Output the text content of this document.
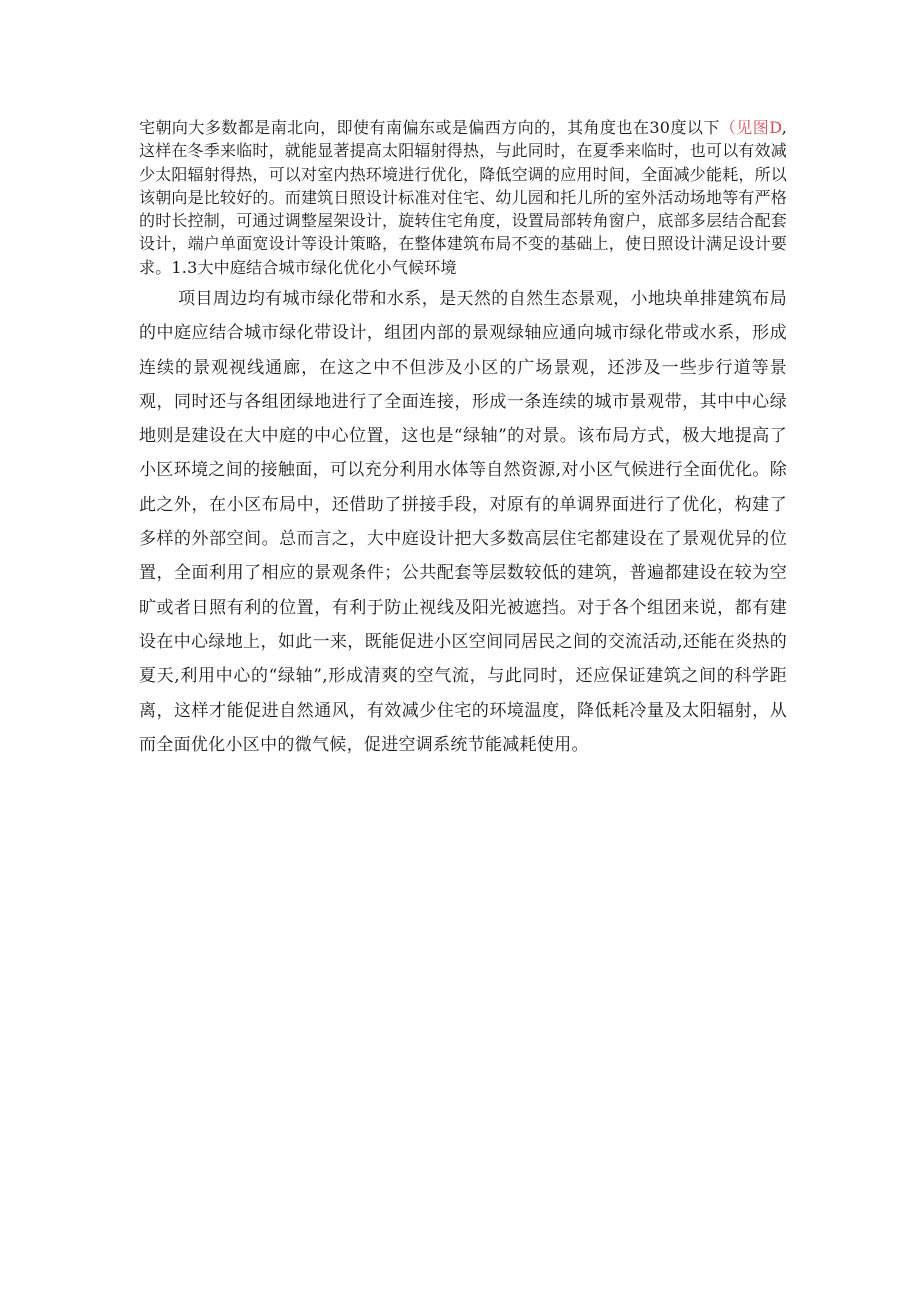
宅朝向大多数都是南北向，即使有南偏东或是偏西方向的，其角度也在30度以下（见图D,这样在冬季来临时，就能显著提高太阳辐射得热，与此同时，在夏季来临时，也可以有效减少太阳辐射得热，可以对室内热环境进行优化，降低空调的应用时间，全面减少能耗，所以该朝向是比较好的。而建筑日照设计标准对住宅、幼儿园和托儿所的室外活动场地等有严格的时长控制，可通过调整屋架设计，旋转住宅角度，设置局部转角窗户，底部多层结合配套设计，端户单面宽设计等设计策略，在整体建筑布局不变的基础上，使日照设计满足设计要求。1.3大中庭结合城市绿化优化小气候环境

项目周边均有城市绿化带和水系，是天然的自然生态景观，小地块单排建筑布局的中庭应结合城市绿化带设计，组团内部的景观绿轴应通向城市绿化带或水系，形成连续的景观视线通廊，在这之中不但涉及小区的广场景观，还涉及一些步行道等景观，同时还与各组团绿地进行了全面连接，形成一条连续的城市景观带，其中中心绿地则是建设在大中庭的中心位置，这也是“绿轴”的对景。该布局方式，极大地提高了小区环境之间的接触面，可以充分利用水体等自然资源,对小区气候进行全面优化。除此之外，在小区布局中，还借助了拼接手段，对原有的单调界面进行了优化，构建了多样的外部空间。总而言之，大中庭设计把大多数高层住宅都建设在了景观优异的位置，全面利用了相应的景观条件；公共配套等层数较低的建筑，普遍都建设在较为空旷或者日照有利的位置，有利于防止视线及阳光被遮挡。对于各个组团来说，都有建设在中心绿地上，如此一来，既能促进小区空间同居民之间的交流活动,还能在炎热的夏天,利用中心的“绿轴”,形成清爽的空气流，与此同时，还应保证建筑之间的科学距离，这样才能促进自然通风，有效减少住宅的环境温度，降低耗冷量及太阳辐射，从而全面优化小区中的微气候，促进空调系统节能减耗使用。
